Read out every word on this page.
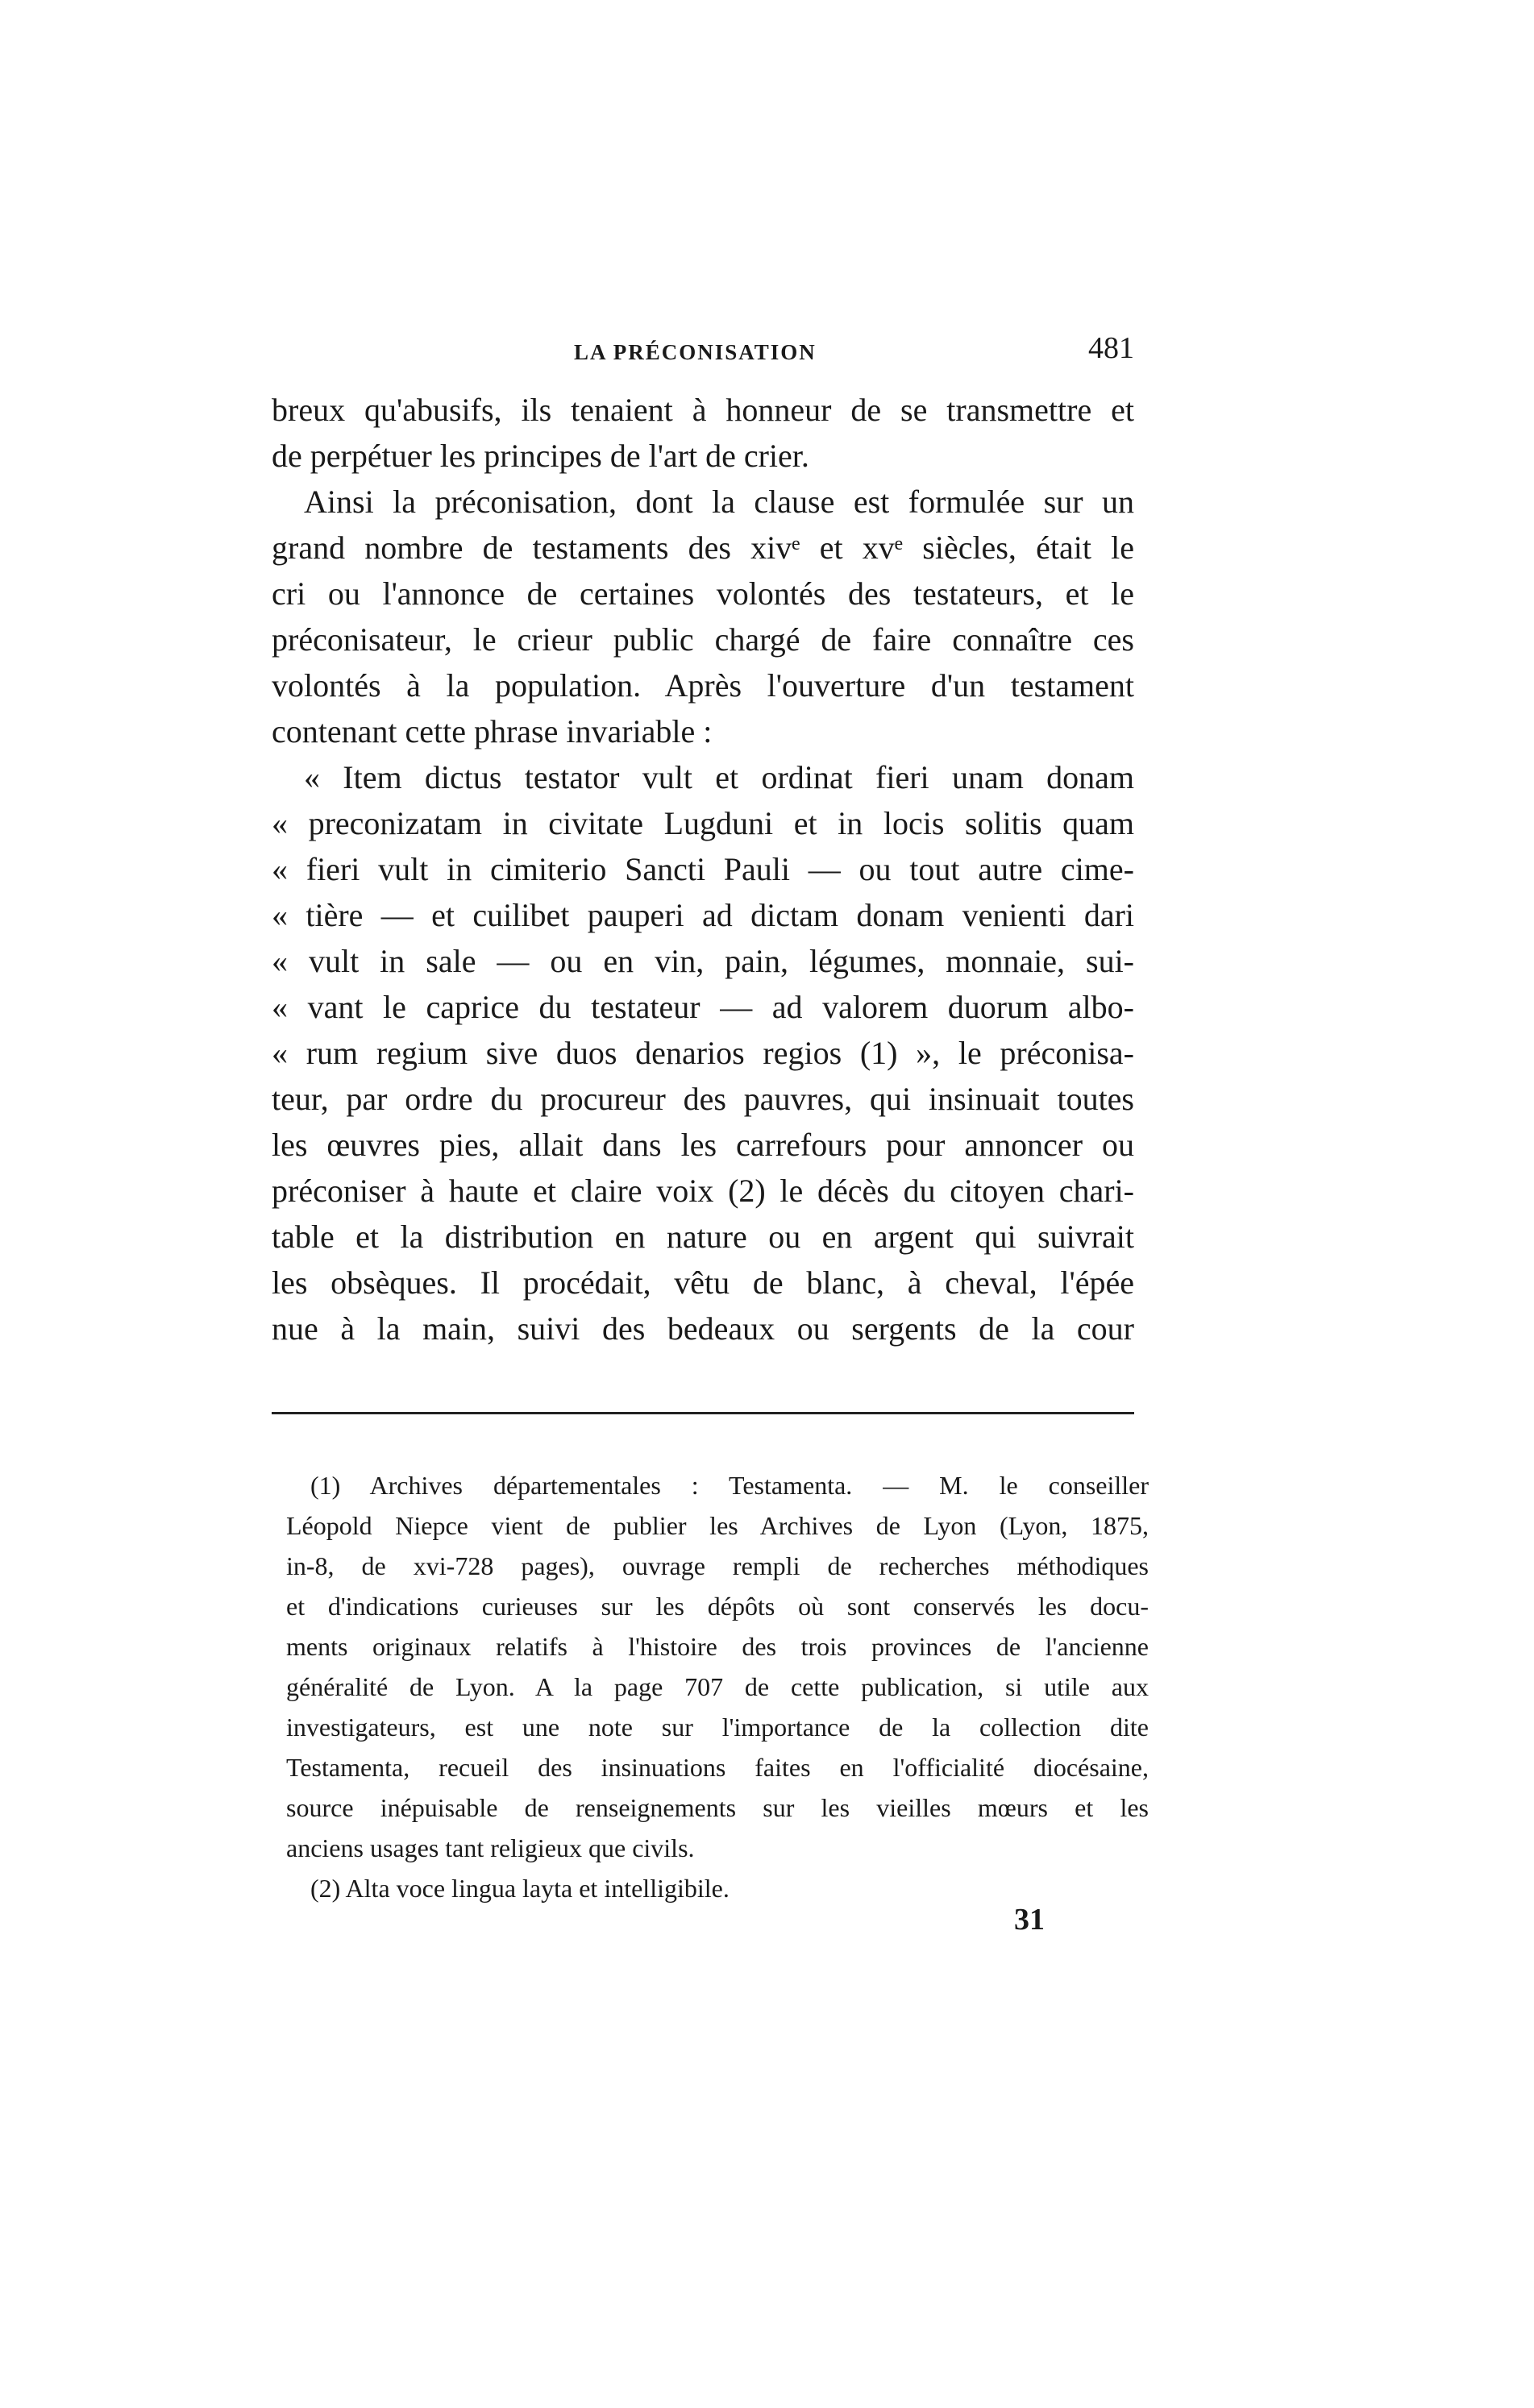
LA PRÉCONISATION	481
breux qu'abusifs, ils tenaient à honneur de se transmettre et
de perpétuer les principes de l'art de crier.
Ainsi la préconisation, dont la clause est formulée sur un
grand nombre de testaments des xivᵉ et xvᵉ siècles, était le
cri ou l'annonce de certaines volontés des testateurs, et le
préconisateur, le crieur public chargé de faire connaître ces
volontés à la population. Après l'ouverture d'un testament
contenant cette phrase invariable :
« Item dictus testator vult et ordinat fieri unam donam
« preconizatam in civitate Lugduni et in locis solitis quam
« fieri vult in cimiterio Sancti Pauli — ou tout autre cime-
« tière — et cuilibet pauperi ad dictam donam venienti dari
« vult in sale — ou en vin, pain, légumes, monnaie, sui-
« vant le caprice du testateur — ad valorem duorum albo-
« rum regium sive duos denarios regios (1) », le préconisa-
teur, par ordre du procureur des pauvres, qui insinuait toutes
les œuvres pies, allait dans les carrefours pour annoncer ou
préconiser à haute et claire voix (2) le décès du citoyen chari-
table et la distribution en nature ou en argent qui suivrait
les obsèques. Il procédait, vêtu de blanc, à cheval, l'épée
nue à la main, suivi des bedeaux ou sergents de la cour
(1) Archives départementales : Testamenta. — M. le conseiller
Léopold Niepce vient de publier les Archives de Lyon (Lyon, 1875,
in-8, de xvi-728 pages), ouvrage rempli de recherches méthodiques
et d'indications curieuses sur les dépôts où sont conservés les docu-
ments originaux relatifs à l'histoire des trois provinces de l'ancienne
généralité de Lyon. A la page 707 de cette publication, si utile aux
investigateurs, est une note sur l'importance de la collection dite
Testamenta, recueil des insinuations faites en l'officialité diocésaine,
source inépuisable de renseignements sur les vieilles mœurs et les
anciens usages tant religieux que civils.
(2) Alta voce lingua layta et intelligibile.
31
